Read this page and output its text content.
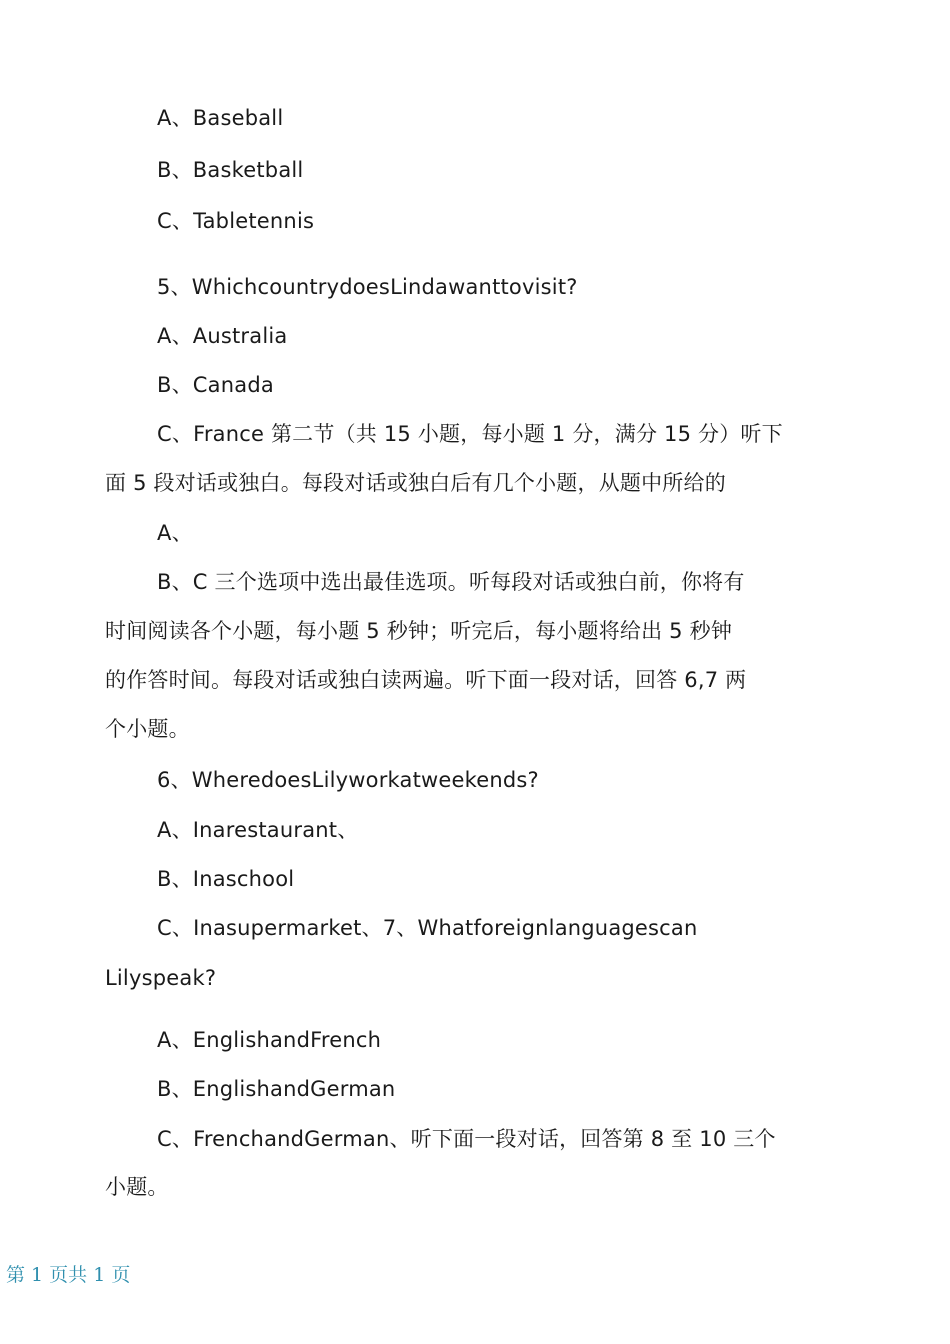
A、Baseball
B、Basketball
C、Tabletennis
5、WhichcountrydoesLindawanttovisit?
A、Australia
B、Canada
C、France 第二节（共 15 小题，每小题 1 分，满分 15 分）听下
面 5 段对话或独白。每段对话或独白后有几个小题，从题中所给的
A、
B、C 三个选项中选出最佳选项。听每段对话或独白前，你将有
时间阅读各个小题，每小题 5 秒钟；听完后，每小题将给出 5 秒钟
的作答时间。每段对话或独白读两遍。听下面一段对话，回答 6,7 两
个小题。
6、WheredoesLilyworkatweekends?
A、Inarestaurant、
B、Inaschool
C、Inasupermarket、7、Whatforeignlanguagescan
Lilyspeak?
A、EnglishandFrench
B、EnglishandGerman
C、FrenchandGerman、听下面一段对话，回答第 8 至 10 三个
小题。
第 1 页共 1 页
